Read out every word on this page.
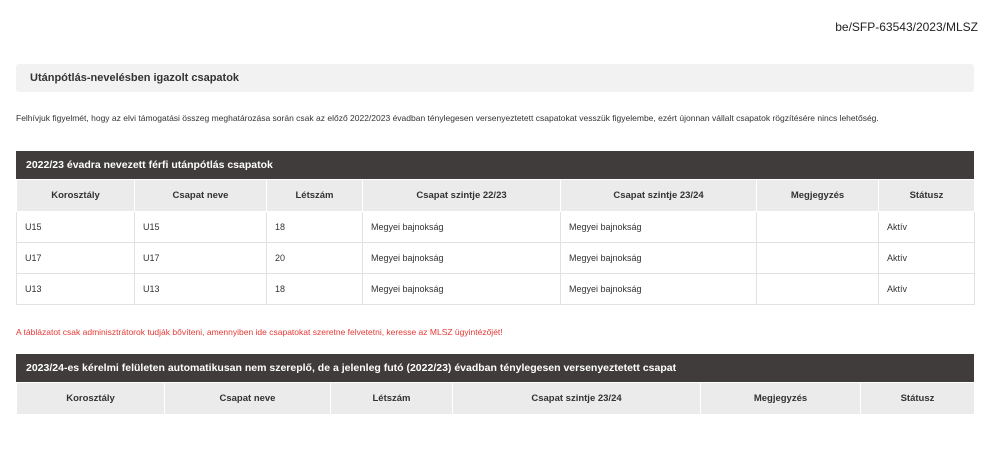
be/SFP-63543/2023/MLSZ
Utánpótlás-nevelésben igazolt csapatok
Felhívjuk figyelmét, hogy az elvi támogatási összeg meghatározása során csak az előző 2022/2023 évadban ténylegesen versenyeztetett csapatokat vesszük figyelembe, ezért újonnan vállalt csapatok rögzítésére nincs lehetőség.
2022/23 évadra nevezett férfi utánpótlás csapatok
Korosztály	Csapat neve	Létszám	Csapat szintje 22/23	Csapat szintje 23/24	Megjegyzés	Státusz
U15	U15	18	Megyei bajnokság	Megyei bajnokság		Aktív
U17	U17	20	Megyei bajnokság	Megyei bajnokság		Aktív
U13	U13	18	Megyei bajnokság	Megyei bajnokság		Aktív
A táblázatot csak adminisztrátorok tudják bővíteni, amennyiben ide csapatokat szeretne felvetetni, keresse az MLSZ ügyintézőjét!
2023/24-es kérelmi felületen automatikusan nem szereplő, de a jelenleg futó (2022/23) évadban ténylegesen versenyeztetett csapat
Korosztály	Csapat neve	Létszám	Csapat szintje 23/24	Megjegyzés	Státusz
